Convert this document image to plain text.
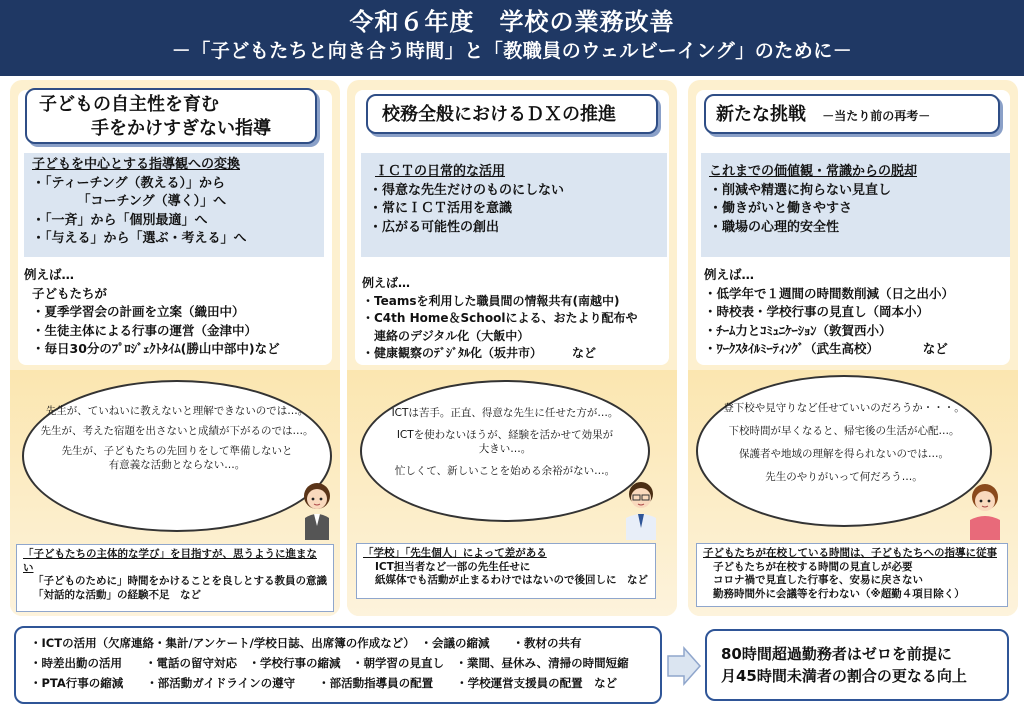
令和６年度　学校の業務改善
－「子どもたちと向き合う時間」と「教職員のウェルビーイング」のために－
子どもの自主性を育む
手をかけすぎない指導
子どもを中心とする指導観への変換
・「ティーチング（教える）」から
　　　　「コーチング（導く）」へ
・「一斉」から「個別最適」へ
・「与える」から「選ぶ・考える」へ
例えば…
子どもたちが
・夏季学習会の計画を立案（織田中）
・生徒主体による行事の運営（金津中）
・毎日30分のﾌﾟﾛｼﾞｪｸﾄﾀｲﾑ(勝山中部中)など

先生が、ていねいに教えないと理解できないのでは…。

先生が、考えた宿題を出さないと成績が下がるのでは…。

先生が、子どもたちの先回りをして準備しないと

有意義な活動とならない…。

「子どもたちの主体的な学び」を目指すが、思うように進まない
「子どものために」時間をかけることを良しとする教員の意識
「対話的な活動」の経験不足　など
校務全般におけるＤＸの推進
ＩＣＴの日常的な活用
・得意な先生だけのものにしない
・常にＩＣＴ活用を意識
・広がる可能性の創出
例えば…
・Teamsを利用した職員間の情報共有(南越中)
・C4th Home＆Schoolによる、おたより配布や
　連絡のデジタル化（大飯中）
・健康観察のﾃﾞｼﾞﾀﾙ化（坂井市）　　　など

ICTは苦手。正直、得意な先生に任せた方が…。

ICTを使わないほうが、経験を活かせて効果が

大きい…。

忙しくて、新しいことを始める余裕がない…。

「学校」「先生個人」によって差がある
ICT担当者など一部の先生任せに
紙媒体でも活動が止まるわけではないので後回しに　など
新たな挑戦 －当たり前の再考－
これまでの価値観・常識からの脱却
・削減や精選に拘らない見直し
・働きがいと働きやすさ
・職場の心理的安全性
例えば…
・低学年で１週間の時間数削減（日之出小）
・時校表・学校行事の見直し（岡本小）
・ﾁｰﾑ力とｺﾐｭﾆｹｰｼｮﾝ（敦賀西小）
・ﾜｰｸｽﾀｲﾙﾐｰﾃｨﾝｸﾞ（武生高校）　　　　など

登下校や見守りなど任せていいのだろうか・・・。

下校時間が早くなると、帰宅後の生活が心配…。

保護者や地域の理解を得られないのでは…。

先生のやりがいって何だろう…。

子どもたちが在校している時間は、子どもたちへの指導に従事
子どもたちが在校する時間の見直しが必要
コロナ禍で見直した行事を、安易に戻さない
勤務時間外に会議等を行わない（※超勤４項目除く）
・ICTの活用（欠席連絡・集計/アンケート/学校日誌、出席簿の作成など）　・会議の縮減　　・教材の共有
・時差出勤の活用　　・電話の留守対応　・学校行事の縮減　・朝学習の見直し　・業間、昼休み、清掃の時間短縮
・PTA行事の縮減　　・部活動ガイドラインの遵守　　・部活動指導員の配置　　・学校運営支援員の配置　など
80時間超過勤務者はゼロを前提に
月45時間未満者の割合の更なる向上
